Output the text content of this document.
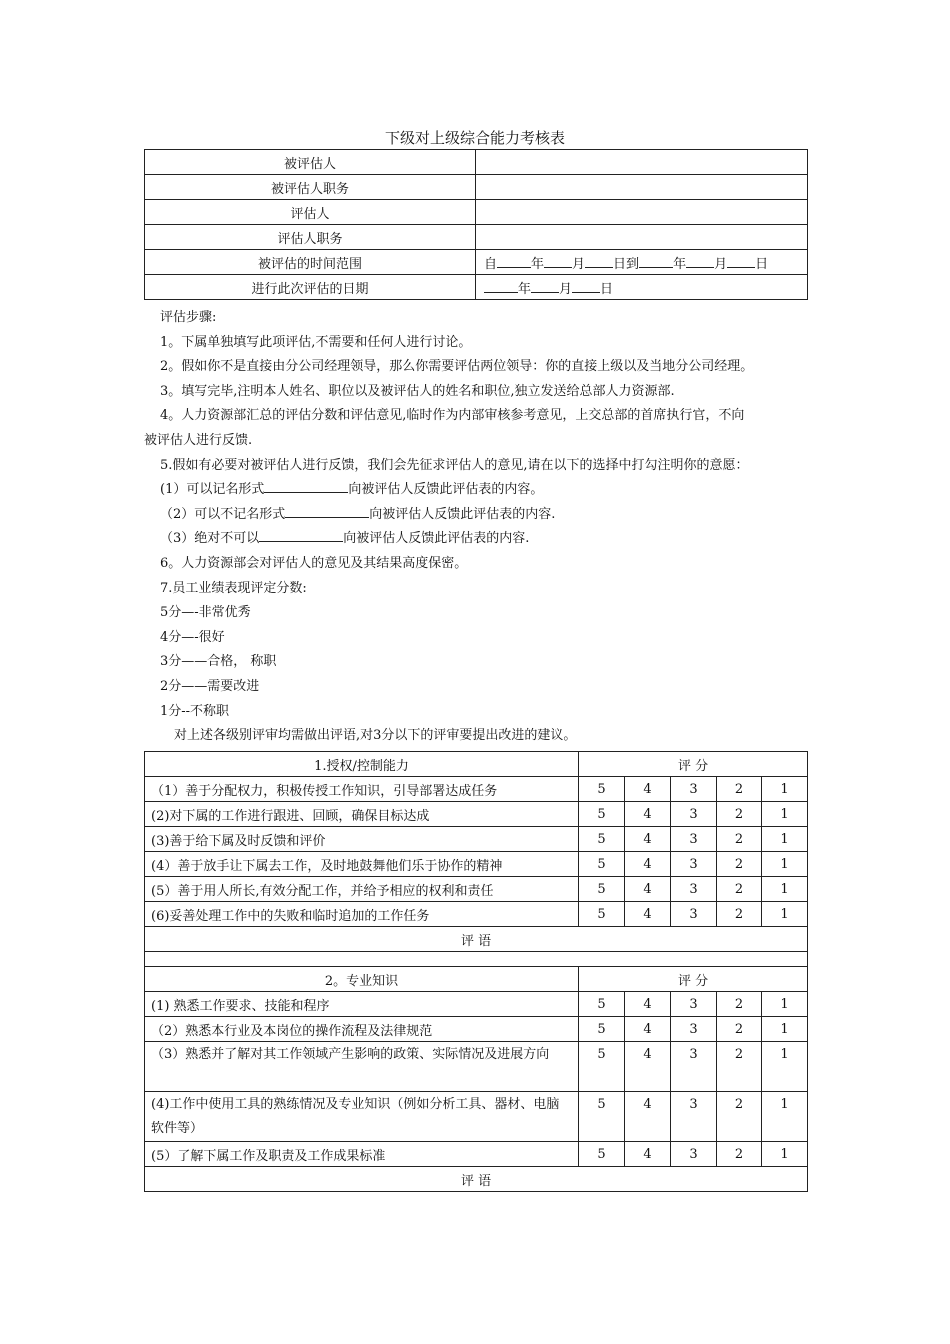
下级对上级综合能力考核表
被评估人	
被评估人职务	
评估人	
评估人职务	
被评估的时间范围	自 年 月 日到 年 月 日
进行此次评估的日期	年 月 日

评估步骤:

1。下属单独填写此项评估,不需要和任何人进行讨论。

2。假如你不是直接由分公司经理领导，那么你需要评估两位领导：你的直接上级以及当地分公司经理。

3。填写完毕,注明本人姓名、职位以及被评估人的姓名和职位,独立发送给总部人力资源部.

4。人力资源部汇总的评估分数和评估意见,临时作为内部审核参考意见，上交总部的首席执行官，不向

被评估人进行反馈.

5.假如有必要对被评估人进行反馈，我们会先征求评估人的意见,请在以下的选择中打勾注明你的意愿：

(1）可以记名形式	向被评估人反馈此评估表的内容。

（2）可以不记名形式	向被评估人反馈此评估表的内容.

（3）绝对不可以	向被评估人反馈此评估表的内容.

6。人力资源部会对评估人的意见及其结果高度保密。

7.员工业绩表现评定分数:

5分—-非常优秀

4分—-很好

3分——合格， 称职

2分——需要改进

1分--不称职

对上述各级别评审均需做出评语,对3分以下的评审要提出改进的建议。

1.授权/控制能力	评 分				
（1）善于分配权力，积极传授工作知识，引导部署达成任务	5	4	3	2	1
(2)对下属的工作进行跟进、回顾，确保目标达成	5	4	3	2	1
(3)善于给下属及时反馈和评价	5	4	3	2	1
(4）善于放手让下属去工作，及时地鼓舞他们乐于协作的精神	5	4	3	2	1
(5）善于用人所长,有效分配工作，并给予相应的权利和责任	5	4	3	2	1
(6)妥善处理工作中的失败和临时追加的工作任务	5	4	3	2	1
评 语					

2。专业知识	评 分				
(1) 熟悉工作要求、技能和程序	5	4	3	2	1
（2）熟悉本行业及本岗位的操作流程及法律规范	5	4	3	2	1
（3）熟悉并了解对其工作领域产生影响的政策、实际情况及进展方向	5	4	3	2	1
(4)工作中使用工具的熟练情况及专业知识（例如分析工具、器材、电脑软件等）	5	4	3	2	1
(5）了解下属工作及职责及工作成果标准	5	4	3	2	1
评 语					
